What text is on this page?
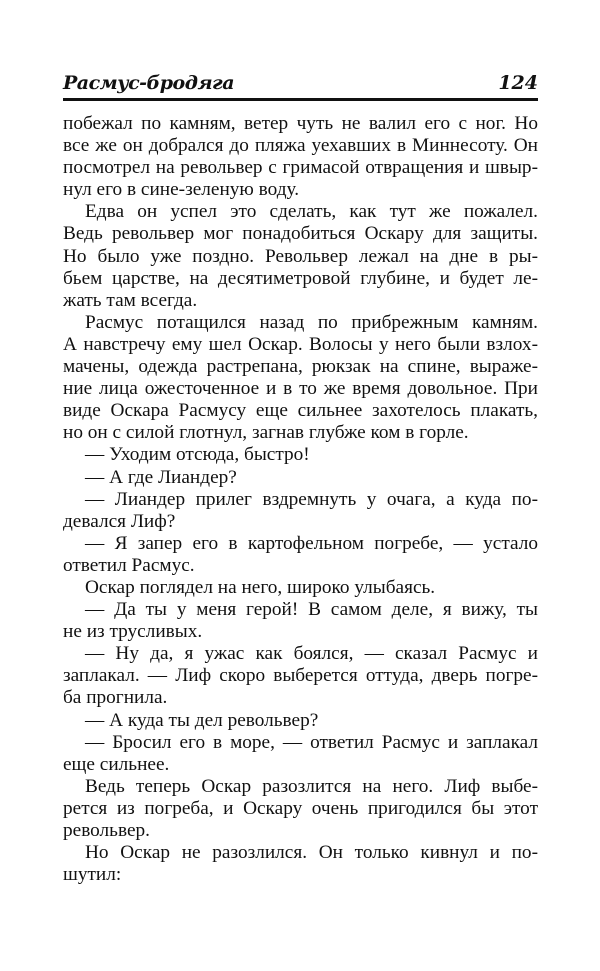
Расмус-бродяга	124
побежал по камням, ветер чуть не валил его с ног. Но
все же он добрался до пляжа уехавших в Миннесоту. Он
посмотрел на револьвер с гримасой отвращения и швыр-
нул его в сине-зеленую воду.
Едва он успел это сделать, как тут же пожалел.
Ведь револьвер мог понадобиться Оскару для защиты.
Но было уже поздно. Револьвер лежал на дне в ры-
бьем царстве, на десятиметровой глубине, и будет ле-
жать там всегда.
Расмус потащился назад по прибрежным камням.
А навстречу ему шел Оскар. Волосы у него были взлох-
мачены, одежда растрепана, рюкзак на спине, выраже-
ние лица ожесточенное и в то же время довольное. При
виде Оскара Расмусу еще сильнее захотелось плакать,
но он с силой глотнул, загнав глубже ком в горле.
— Уходим отсюда, быстро!
— А где Лиандер?
— Лиандер прилег вздремнуть у очага, а куда по-
девался Лиф?
— Я запер его в картофельном погребе, — устало
ответил Расмус.
Оскар поглядел на него, широко улыбаясь.
— Да ты у меня герой! В самом деле, я вижу, ты
не из трусливых.
— Ну да, я ужас как боялся, — сказал Расмус и
заплакал. — Лиф скоро выберется оттуда, дверь погре-
ба прогнила.
— А куда ты дел револьвер?
— Бросил его в море, — ответил Расмус и заплакал
еще сильнее.
Ведь теперь Оскар разозлится на него. Лиф выбе-
рется из погреба, и Оскару очень пригодился бы этот
револьвер.
Но Оскар не разозлился. Он только кивнул и по-
шутил:
